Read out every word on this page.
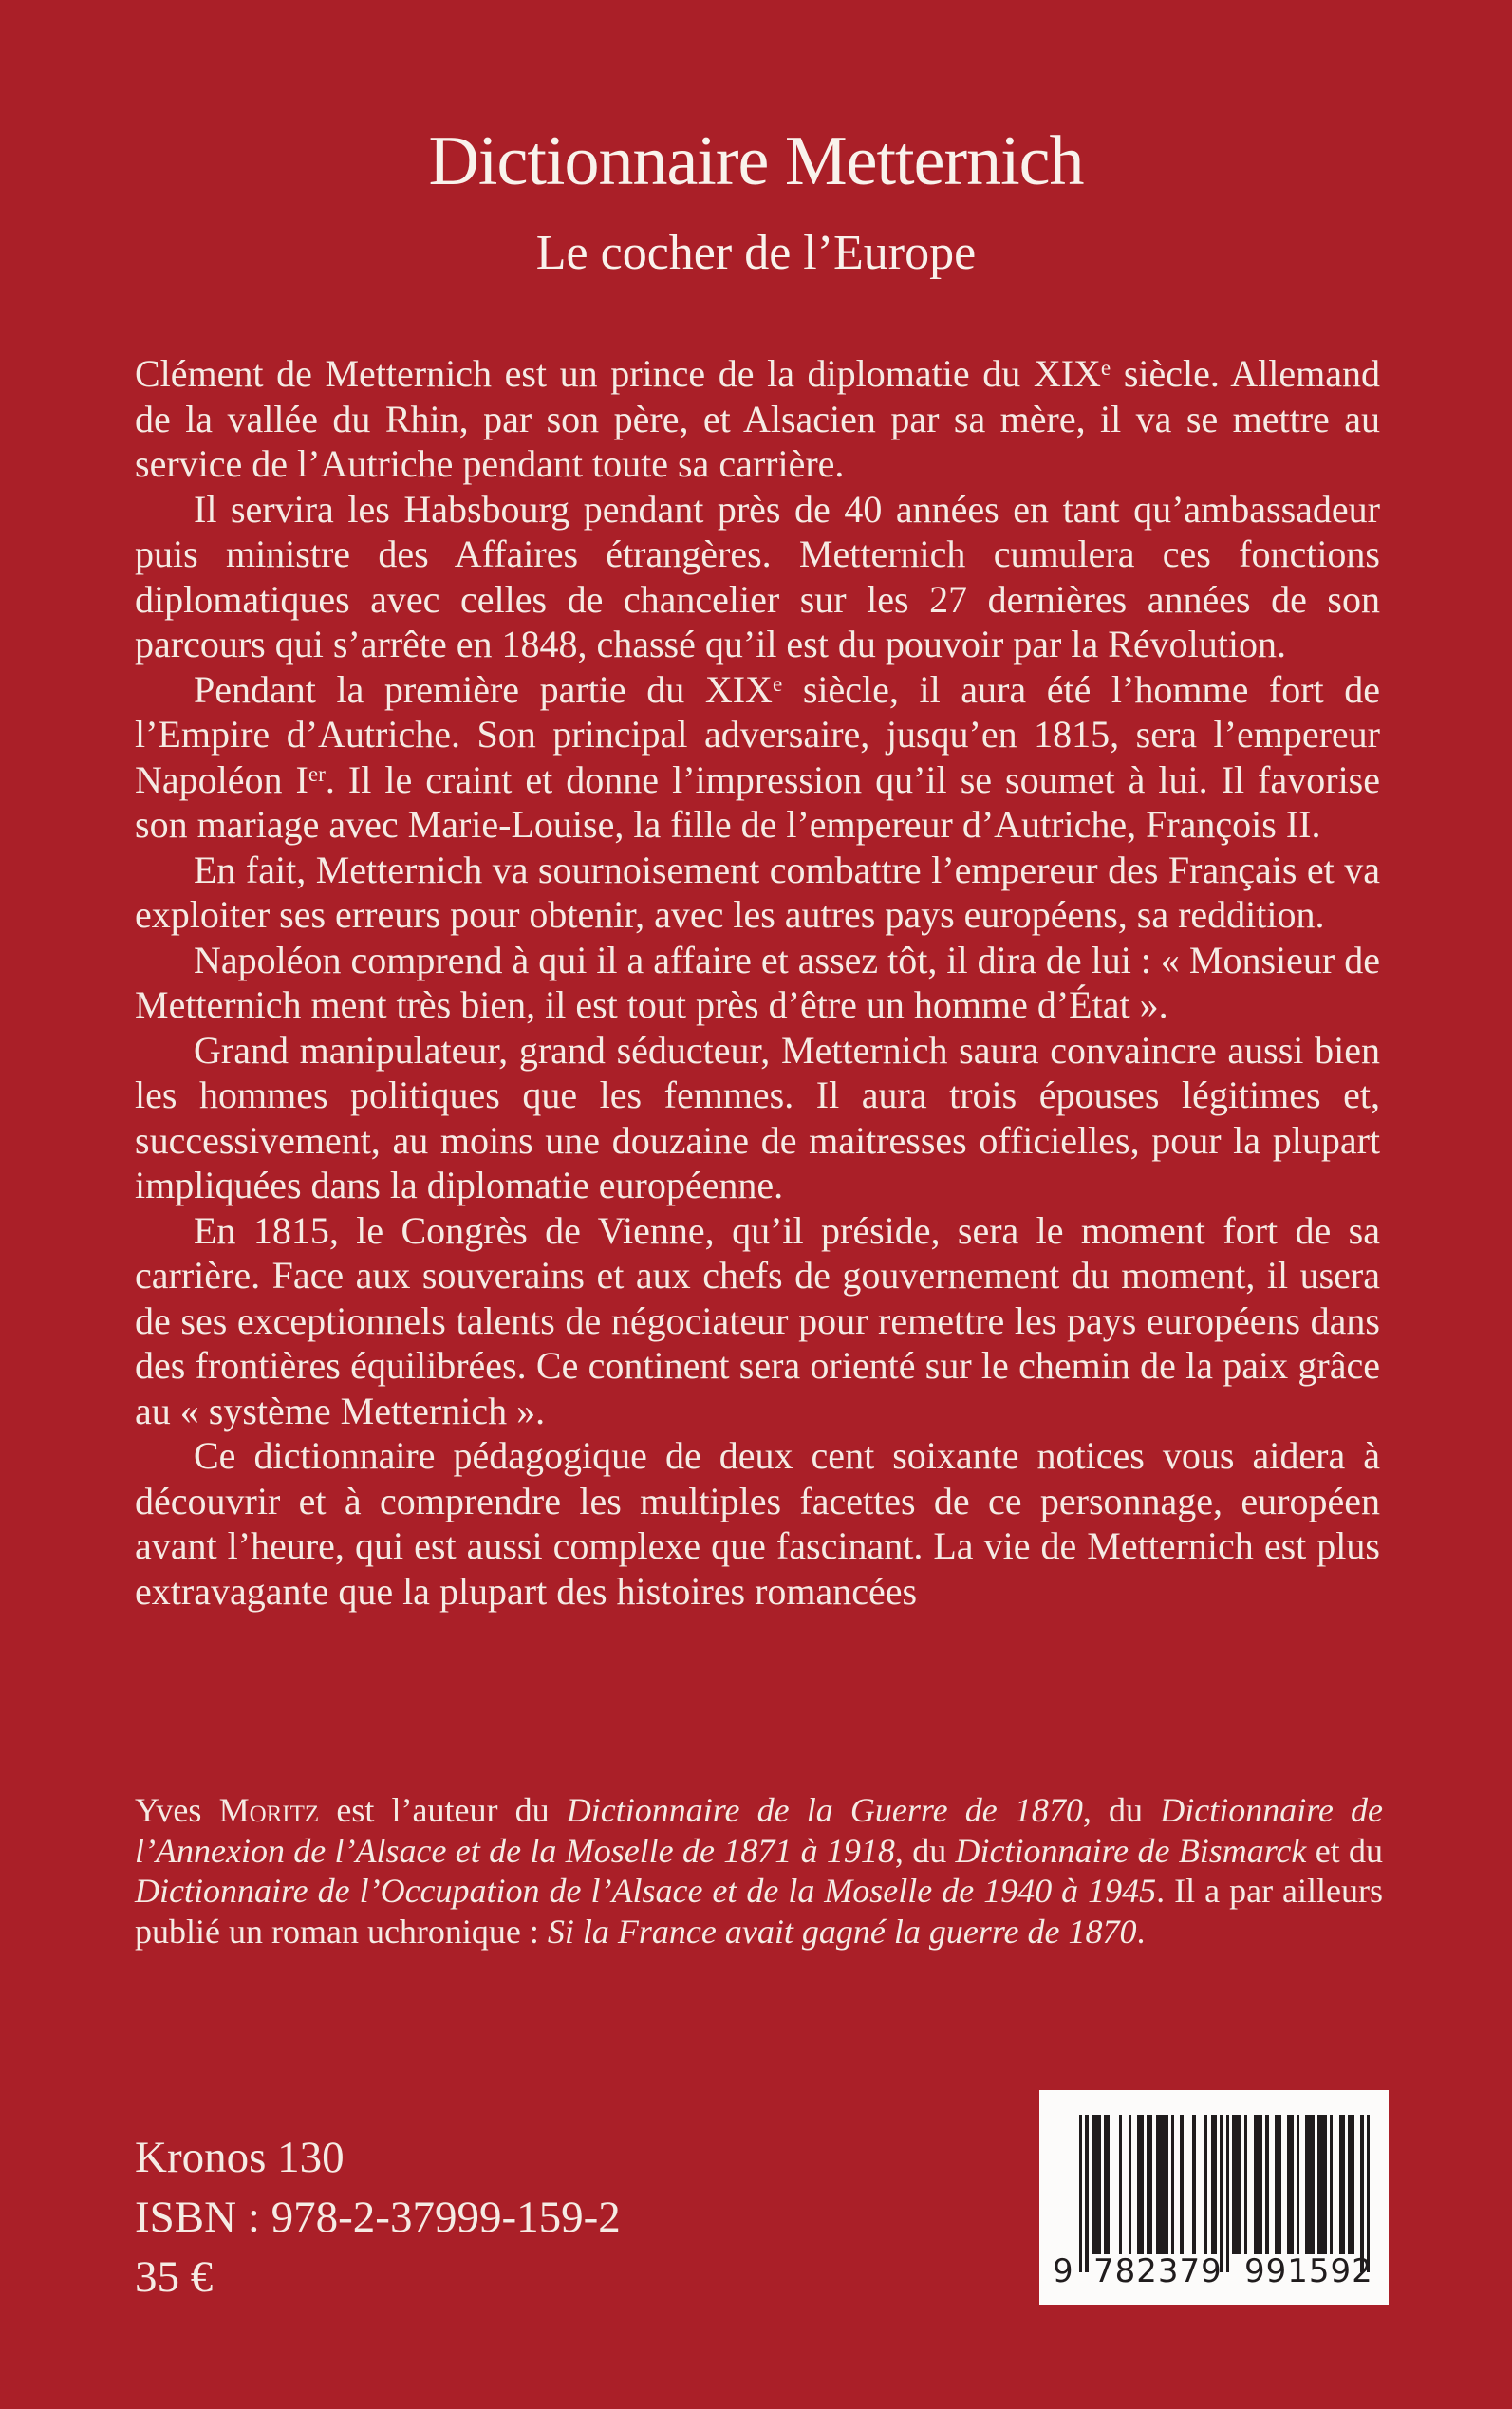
Dictionnaire Metternich
Le cocher de l’Europe

Clément de Metternich est un prince de la diplomatie du XIXe siècle. Allemand de la vallée du Rhin, par son père, et Alsacien par sa mère, il va se mettre au service de l’Autriche pendant toute sa carrière.

Il servira les Habsbourg pendant près de 40 années en tant qu’ambassadeur puis ministre des Affaires étrangères. Metternich cumulera ces fonctions diplomatiques avec celles de chancelier sur les 27 dernières années de son parcours qui s’arrête en 1848, chassé qu’il est du pouvoir par la Révolution.

Pendant la première partie du XIXe siècle, il aura été l’homme fort de l’Empire d’Autriche. Son principal adversaire, jusqu’en 1815, sera l’empereur Napoléon Ier. Il le craint et donne l’impression qu’il se soumet à lui. Il favorise son mariage avec Marie-Louise, la fille de l’empereur d’Autriche, François II.

En fait, Metternich va sournoisement combattre l’empereur des Français et va exploiter ses erreurs pour obtenir, avec les autres pays européens, sa reddition.

Napoléon comprend à qui il a affaire et assez tôt, il dira de lui : « Monsieur de Metternich ment très bien, il est tout près d’être un homme d’État ».

Grand manipulateur, grand séducteur, Metternich saura convaincre aussi bien les hommes politiques que les femmes. Il aura trois épouses légitimes et, successivement, au moins une douzaine de maitresses officielles, pour la plupart impliquées dans la diplomatie européenne.

En 1815, le Congrès de Vienne, qu’il préside, sera le moment fort de sa carrière. Face aux souverains et aux chefs de gouvernement du moment, il usera de ses exceptionnels talents de négociateur pour remettre les pays européens dans des frontières équilibrées. Ce continent sera orienté sur le chemin de la paix grâce au « système Metternich ».

Ce dictionnaire pédagogique de deux cent soixante notices vous aidera à découvrir et à comprendre les multiples facettes de ce personnage, européen avant l’heure, qui est aussi complexe que fascinant. La vie de Metternich est plus extravagante que la plupart des histoires romancées

Yves Moritz est l’auteur du Dictionnaire de la Guerre de 1870, du Dictionnaire de l’Annexion de l’Alsace et de la Moselle de 1871 à 1918, du Dictionnaire de Bismarck et du Dictionnaire de l’Occupation de l’Alsace et de la Moselle de 1940 à 1945. Il a par ailleurs publié un roman uchronique : Si la France avait gagné la guerre de 1870.

Kronos 130
ISBN : 978-2-37999-159-2
35 €	9 782379 991592
